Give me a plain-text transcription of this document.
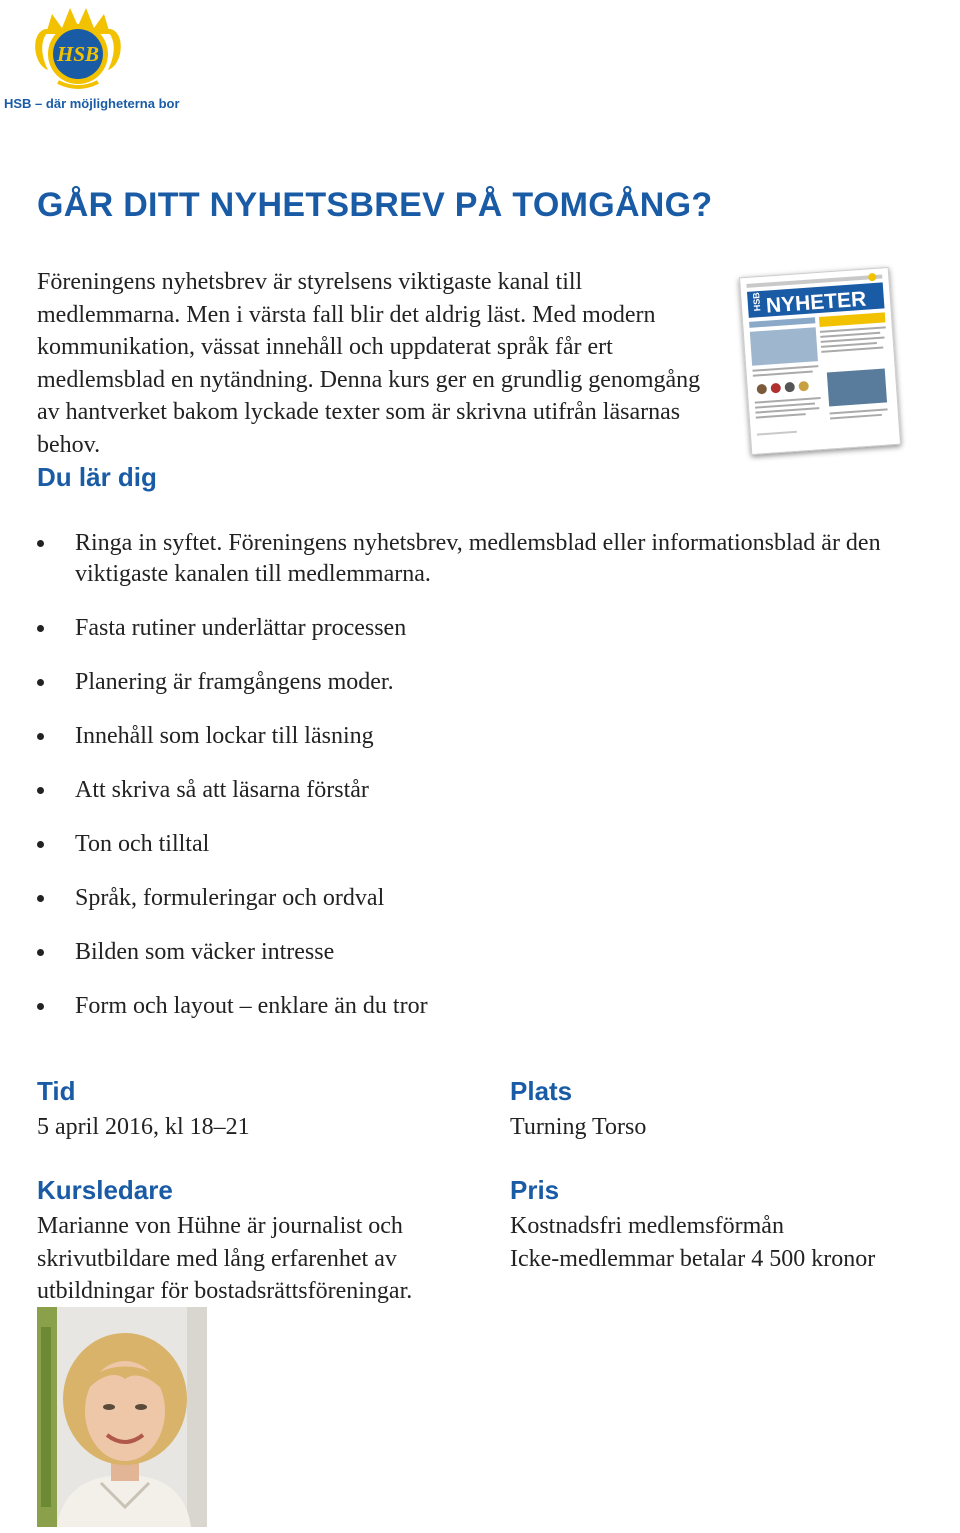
HSB
HSB – där möjligheterna bor
GÅR DITT NYHETSBREV PÅ TOMGÅNG?

Föreningens nyhetsbrev är styrelsens viktigaste kanal till medlemmarna. Men i värsta fall blir det aldrig läst. Med modern kommunikation, vässat innehåll och uppdaterat språk får ert medlemsblad en nytändning. Denna kurs ger en grundlig genomgång av hantverket bakom lyckade texter som är skrivna utifrån läsarnas behov.

HSB NYHETER
Du lär dig
Ringa in syftet. Föreningens nyhetsbrev, medlemsblad eller informationsblad är den viktigaste kanalen till medlemmarna.
Fasta rutiner underlättar processen
Planering är framgångens moder.
Innehåll som lockar till läsning
Att skriva så att läsarna förstår
Ton och tilltal
Språk, formuleringar och ordval
Bilden som väcker intresse
Form och layout – enklare än du tror
Tid

5 april 2016, kl 18–21

Plats

Turning Torso

Kursledare

Marianne von Hühne är journalist och skrivutbildare med lång erfarenhet av utbildningar för bostadsrättsföreningar.

Pris

Kostnadsfri medlemsförmån

Icke-medlemmar betalar 4 500 kronor
